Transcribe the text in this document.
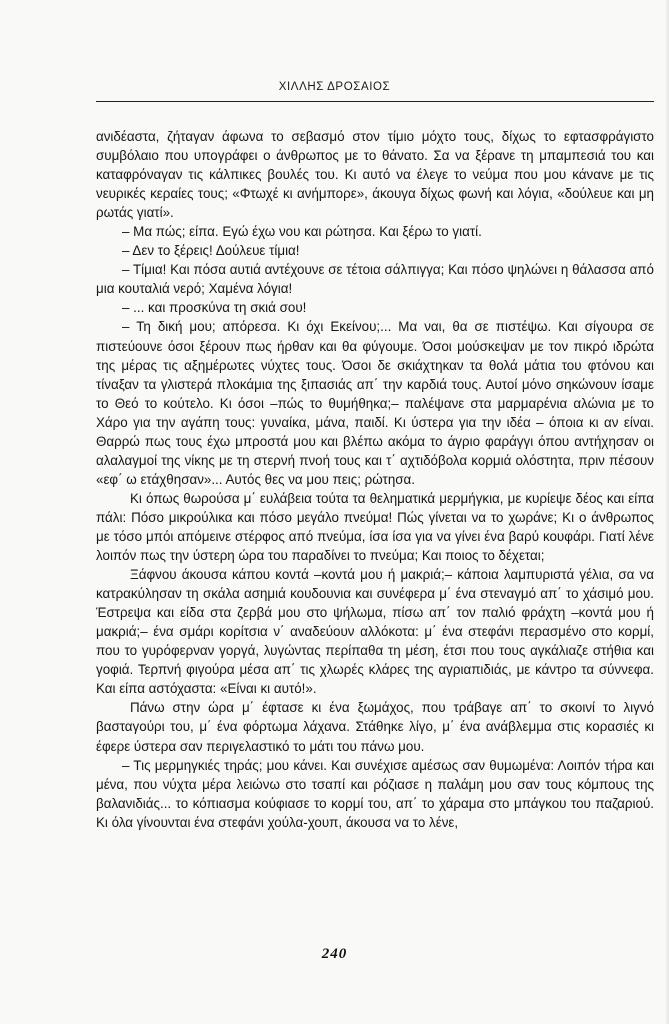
ΧΙΛΛΗΣ ΔΡΟΣΑΙΟΣ

ανιδέαστα, ζήταγαν άφωνα το σεβασμό στον τίμιο μόχτο τους, δίχως το εφτασφράγιστο συμβόλαιο που υπογράφει ο άνθρωπος με το θάνατο. Σα να ξέρανε τη μπαμπεσιά του και καταφρόναγαν τις κάλπικες βουλές του. Κι αυτό να έλεγε το νεύμα που μου κάνανε με τις νευρικές κεραίες τους; «Φτωχέ κι ανήμπορε», άκουγα δίχως φωνή και λόγια, «δούλευε και μη ρωτάς γιατί».

– Μα πώς; είπα. Εγώ έχω νου και ρώτησα. Και ξέρω το γιατί.

– Δεν το ξέρεις! Δούλευε τίμια!

– Τίμια! Και πόσα αυτιά αντέχουνε σε τέτοια σάλπιγγα; Και πόσο ψηλώνει η θάλασσα από μια κουταλιά νερό; Χαμένα λόγια!

– ... και προσκύνα τη σκιά σου!

– Τη δική μου; απόρεσα. Κι όχι Εκείνου;... Μα ναι, θα σε πιστέψω. Και σίγουρα σε πιστεύουνε όσοι ξέρουν πως ήρθαν και θα φύγουμε. Όσοι μούσκεψαν με τον πικρό ιδρώτα της μέρας τις αξημέρωτες νύχτες τους. Όσοι δε σκιάχτηκαν τα θολά μάτια του φτόνου και τίναξαν τα γλιστερά πλοκάμια της ξιπασιάς απ΄ την καρδιά τους. Αυτοί μόνο σηκώνουν ίσαμε το Θεό το κούτελο. Κι όσοι –πώς το θυμήθηκα;– παλέψανε στα μαρμαρένια αλώνια με το Χάρο για την αγάπη τους: γυναίκα, μάνα, παιδί. Κι ύστερα για την ιδέα – όποια κι αν είναι. Θαρρώ πως τους έχω μπροστά μου και βλέπω ακόμα το άγριο φαράγγι όπου αντήχησαν οι αλαλαγμοί της νίκης με τη στερνή πνοή τους και τ΄ αχτιδόβολα κορμιά ολόστητα, πριν πέσουν «εφ΄ ω ετάχθησαν»... Αυτός θες να μου πεις; ρώτησα.

Κι όπως θωρούσα μ΄ ευλάβεια τούτα τα θεληματικά μερμήγκια, με κυρίεψε δέος και είπα πάλι: Πόσο μικρούλικα και πόσο μεγάλο πνεύμα! Πώς γίνεται να το χωράνε; Κι ο άνθρωπος με τόσο μπόι απόμεινε στέρφος από πνεύμα, ίσα ίσα για να γίνει ένα βαρύ κουφάρι. Γιατί λένε λοιπόν πως την ύστερη ώρα του παραδίνει το πνεύμα; Και ποιος το δέχεται;

Ξάφνου άκουσα κάπου κοντά –κοντά μου ή μακριά;– κάποια λαμπυριστά γέλια, σα να κατρακύλησαν τη σκάλα ασημιά κουδουνια και συνέφερα μ΄ ένα στεναγμό απ΄ το χάσιμό μου. Έστρεψα και είδα στα ζερβά μου στο ψήλωμα, πίσω απ΄ τον παλιό φράχτη –κοντά μου ή μακριά;– ένα σμάρι κορίτσια ν΄ αναδεύουν αλλόκοτα: μ΄ ένα στεφάνι περασμένο στο κορμί, που το γυρόφερναν γοργά, λυγώντας περίπαθα τη μέση, έτσι που τους αγκάλιαζε στήθια και γοφιά. Τερπνή φιγούρα μέσα απ΄ τις χλωρές κλάρες της αγριαπιδιάς, με κάντρο τα σύννεφα. Και είπα αστόχαστα: «Είναι κι αυτό!».

Πάνω στην ώρα μ΄ έφτασε κι ένα ξωμάχος, που τράβαγε απ΄ το σκοινί το λιγνό βασταγούρι του, μ΄ ένα φόρτωμα λάχανα. Στάθηκε λίγο, μ΄ ένα ανάβλεμμα στις κορασιές κι έφερε ύστερα σαν περιγελαστικό το μάτι του πάνω μου.

– Τις μερμηγκιές τηράς; μου κάνει. Και συνέχισε αμέσως σαν θυμωμένα: Λοιπόν τήρα και μένα, που νύχτα μέρα λειώνω στο τσαπί και ρόζιασε η παλάμη μου σαν τους κόμπους της βαλανιδιάς... το κόπιασμα κούφιασε το κορμί του, απ΄ το χάραμα στο μπάγκου του παζαριού. Κι όλα γίνουνται ένα στεφάνι χούλα-χουπ, άκουσα να το λένε,

240
